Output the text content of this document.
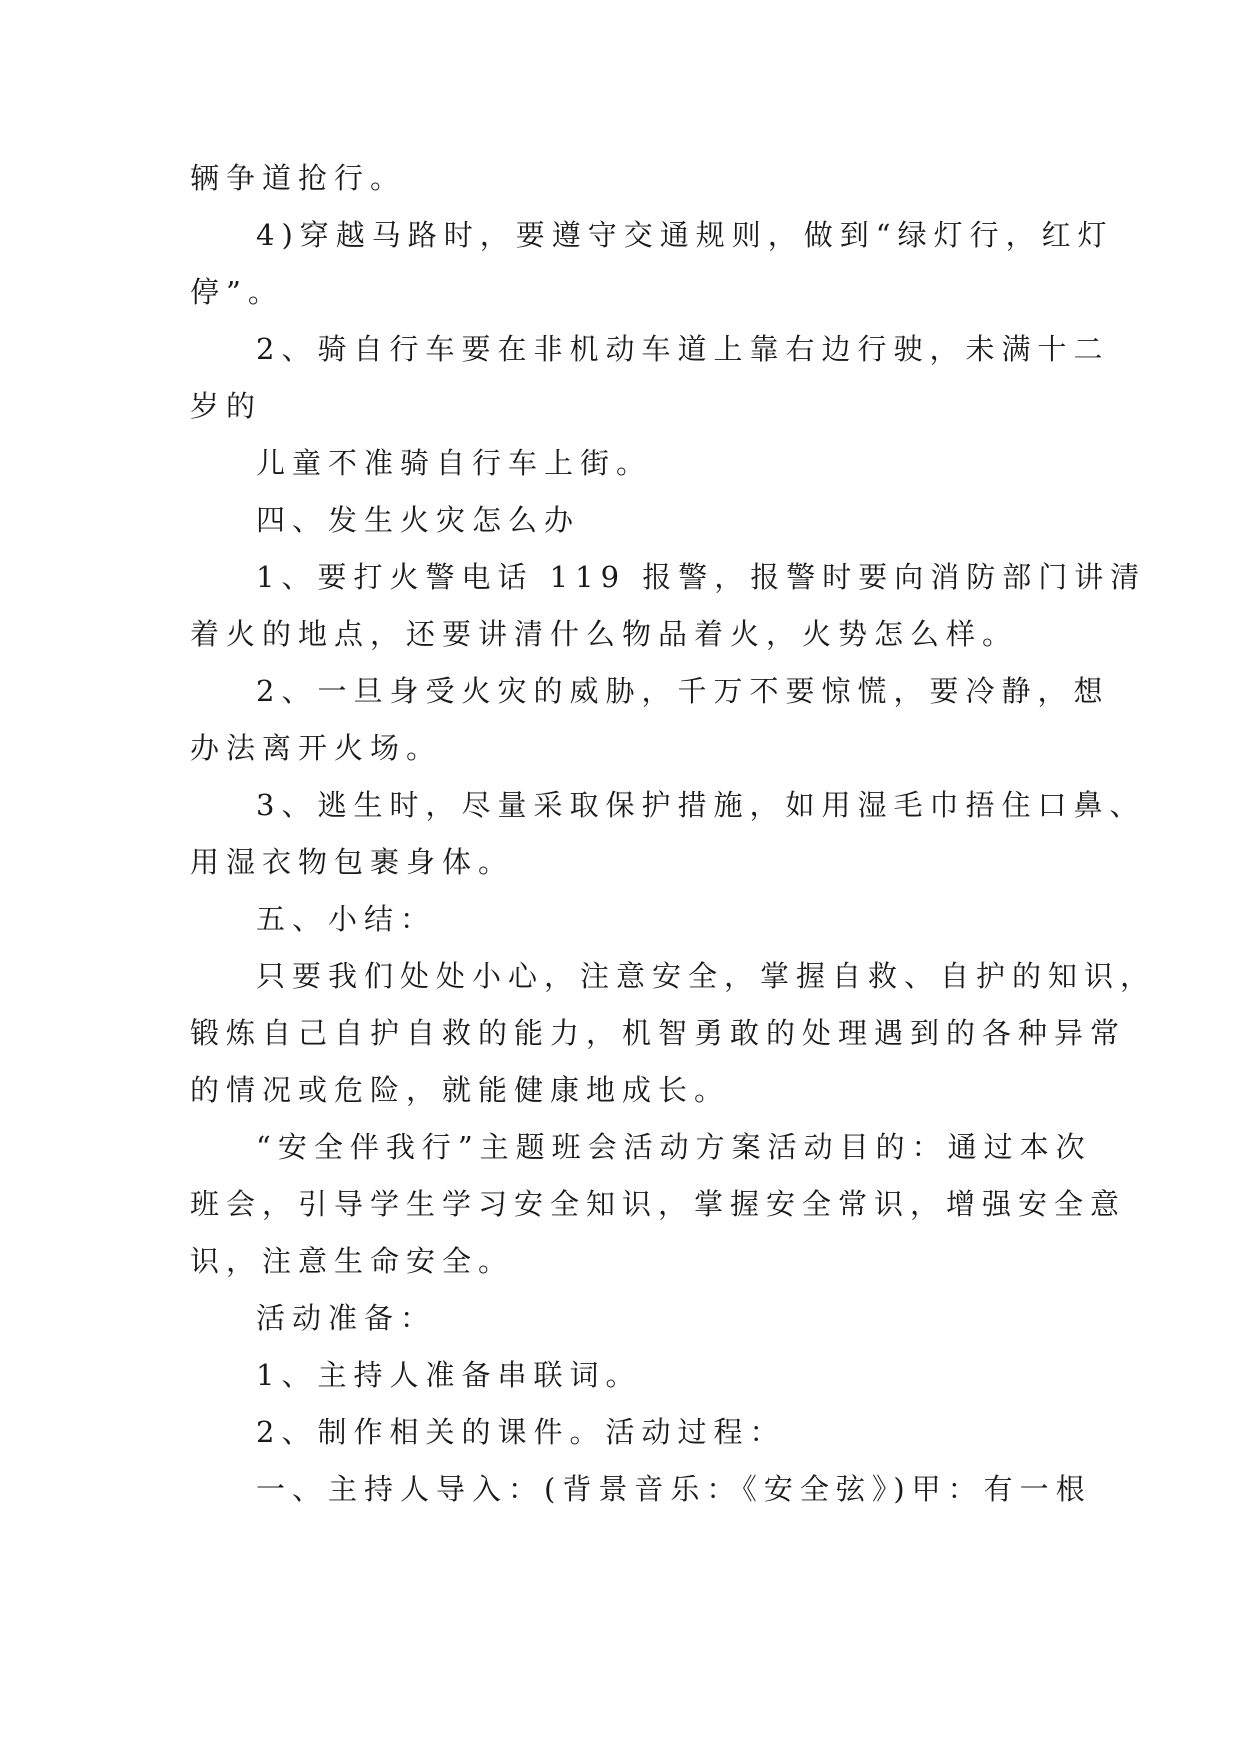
辆争道抢行。
4)穿越马路时，要遵守交通规则，做到“绿灯行，红灯
停”。
2、骑自行车要在非机动车道上靠右边行驶，未满十二
岁的
儿童不准骑自行车上街。
四、发生火灾怎么办
1、要打火警电话 119 报警，报警时要向消防部门讲清
着火的地点，还要讲清什么物品着火，火势怎么样。
2、一旦身受火灾的威胁，千万不要惊慌，要冷静，想
办法离开火场。
3、逃生时，尽量采取保护措施，如用湿毛巾捂住口鼻、
用湿衣物包裹身体。
五、小结：
只要我们处处小心，注意安全，掌握自救、自护的知识，
锻炼自己自护自救的能力，机智勇敢的处理遇到的各种异常
的情况或危险，就能健康地成长。
“安全伴我行”主题班会活动方案活动目的：通过本次
班会，引导学生学习安全知识，掌握安全常识，增强安全意
识，注意生命安全。
活动准备：
1、主持人准备串联词。
2、制作相关的课件。活动过程：
一、主持人导入：(背景音乐：《安全弦》)甲：有一根
